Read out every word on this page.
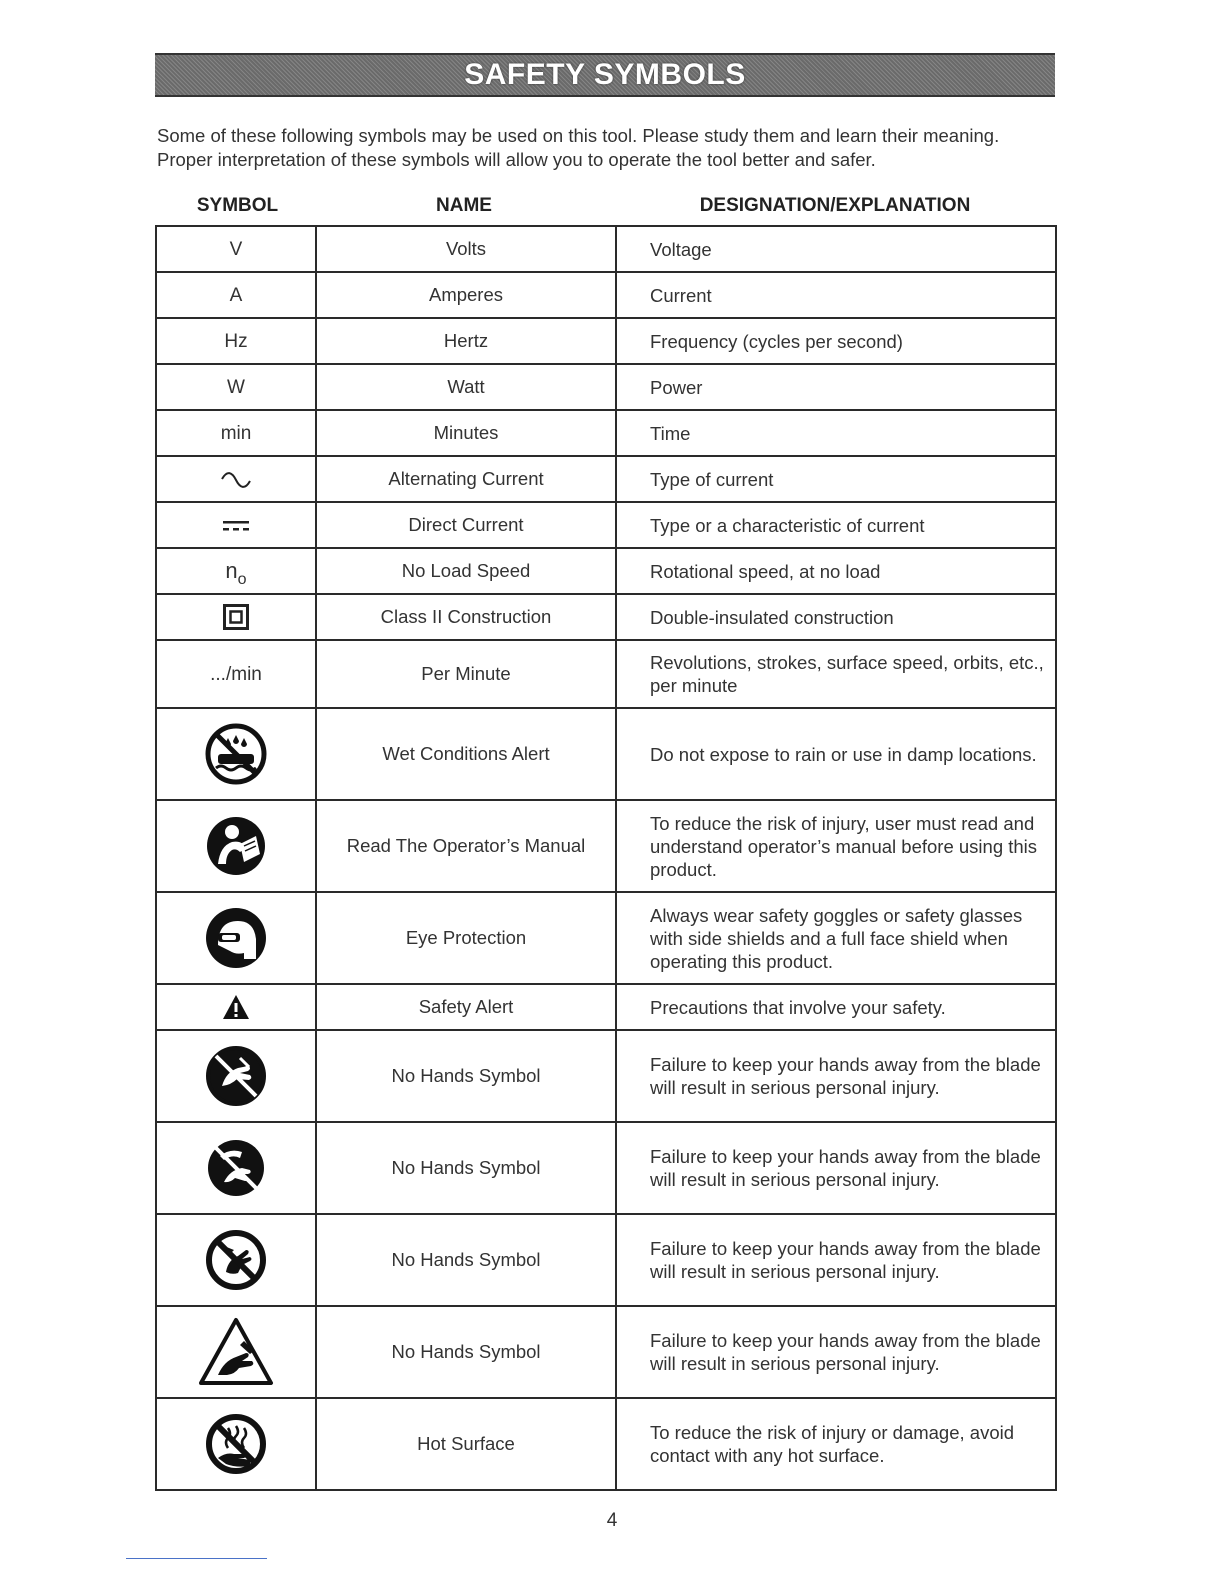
SAFETY SYMBOLS
Some of these following symbols may be used on this tool. Please study them and learn their meaning. Proper interpretation of these symbols will allow you to operate the tool better and safer.
SYMBOL	NAME	DESIGNATION/EXPLANATION
V	Volts	Voltage
A	Amperes	Current
Hz	Hertz	Frequency (cycles per second)
W	Watt	Power
min	Minutes	Time
	Alternating Current	Type of current
	Direct Current	Type or a characteristic of current
no	No Load Speed	Rotational speed, at no load
	Class II Construction	Double-insulated construction
.../min	Per Minute	Revolutions, strokes, surface speed, orbits, etc., per minute
	Wet Conditions Alert	Do not expose to rain or use in damp locations.
	Read The Operator’s Manual	To reduce the risk of injury, user must read and understand operator’s manual before using this product.
	Eye Protection	Always wear safety goggles or safety glasses with side shields and a full face shield when operating this product.
	Safety Alert	Precautions that involve your safety.
	No Hands Symbol	Failure to keep your hands away from the blade will result in serious personal injury.
	No Hands Symbol	Failure to keep your hands away from the blade will result in serious personal injury.
	No Hands Symbol	Failure to keep your hands away from the blade will result in serious personal injury.
	No Hands Symbol	Failure to keep your hands away from the blade will result in serious personal injury.
	Hot Surface	To reduce the risk of injury or damage, avoid contact with any hot surface.
4
